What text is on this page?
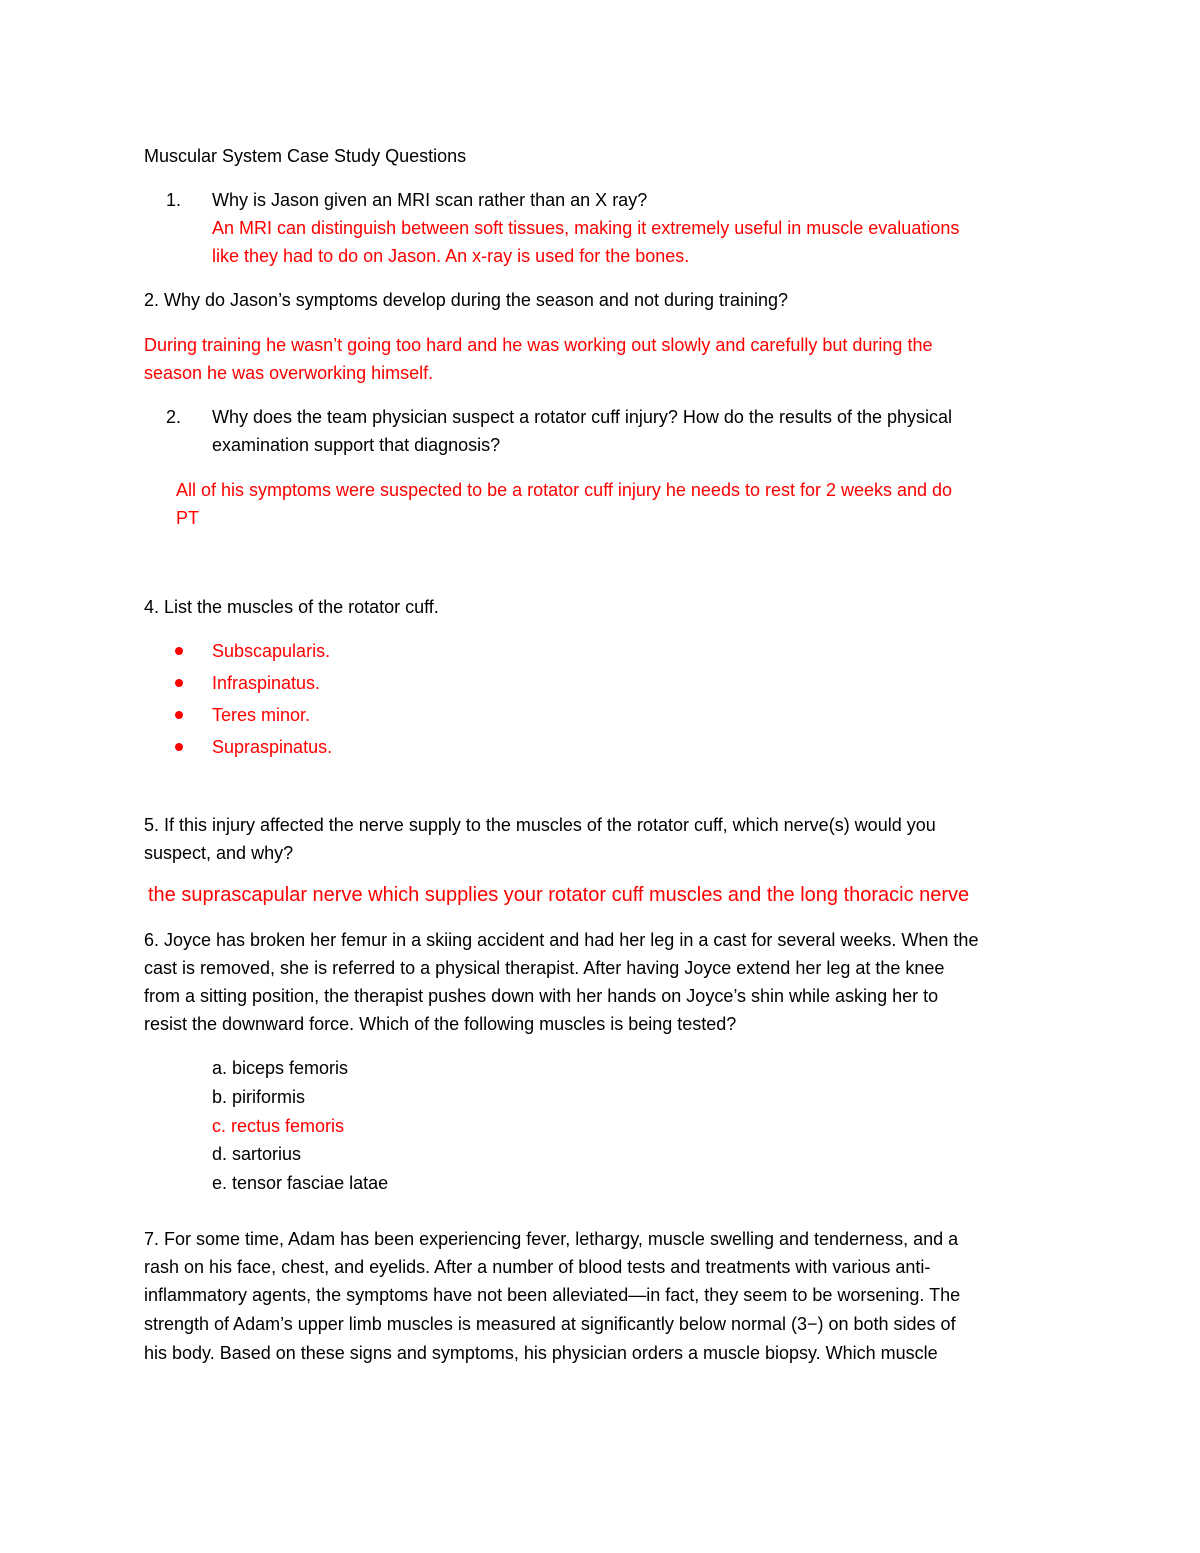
Muscular System Case Study Questions
1. Why is Jason given an MRI scan rather than an X ray?
An MRI can distinguish between soft tissues, making it extremely useful in muscle evaluations
like they had to do on Jason. An x-ray is used for the bones.
2. Why do Jason’s symptoms develop during the season and not during training?
During training he wasn’t going too hard and he was working out slowly and carefully but during the
season he was overworking himself.
2. Why does the team physician suspect a rotator cuff injury? How do the results of the physical
examination support that diagnosis?
All of his symptoms were suspected to be a rotator cuff injury he needs to rest for 2 weeks and do
PT
4. List the muscles of the rotator cuff.
Subscapularis.
Infraspinatus.
Teres minor.
Supraspinatus.
5. If this injury affected the nerve supply to the muscles of the rotator cuff, which nerve(s) would you
suspect, and why?
the suprascapular nerve which supplies your rotator cuff muscles and the long thoracic nerve
6. Joyce has broken her femur in a skiing accident and had her leg in a cast for several weeks. When the
cast is removed, she is referred to a physical therapist. After having Joyce extend her leg at the knee
from a sitting position, the therapist pushes down with her hands on Joyce’s shin while asking her to
resist the downward force. Which of the following muscles is being tested?
a. biceps femoris
b. piriformis
c. rectus femoris
d. sartorius
e. tensor fasciae latae
7. For some time, Adam has been experiencing fever, lethargy, muscle swelling and tenderness, and a
rash on his face, chest, and eyelids. After a number of blood tests and treatments with various anti-
inflammatory agents, the symptoms have not been alleviated—in fact, they seem to be worsening. The
strength of Adam’s upper limb muscles is measured at significantly below normal (3−) on both sides of
his body. Based on these signs and symptoms, his physician orders a muscle biopsy. Which muscle
